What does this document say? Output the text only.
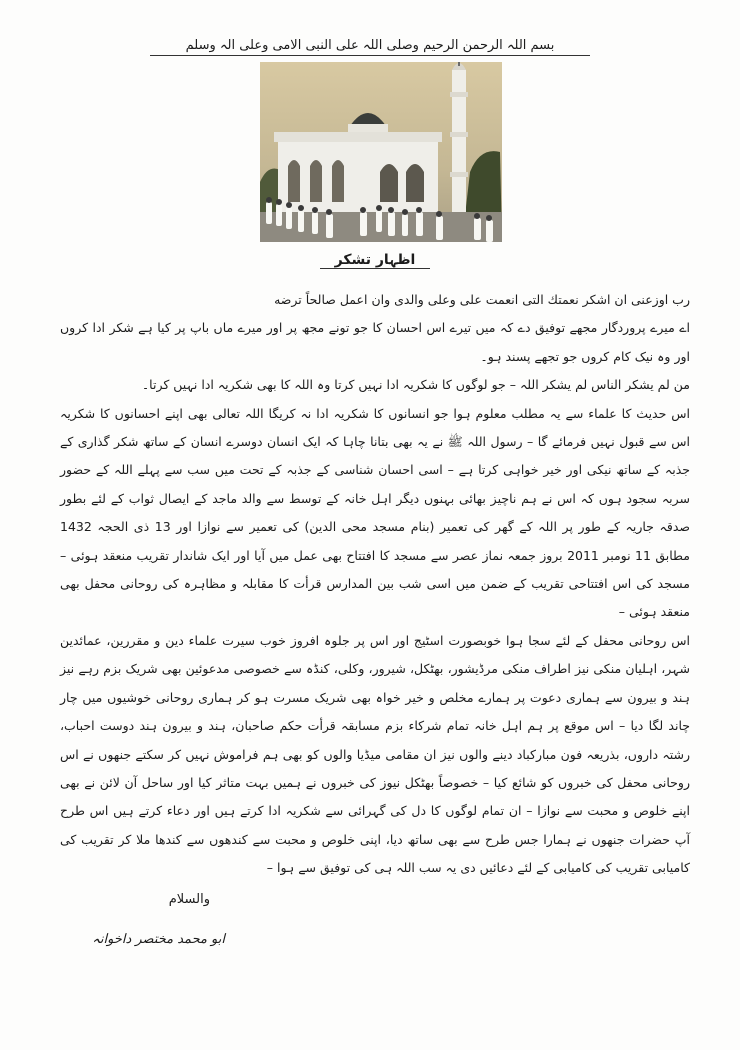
بسم اللہ الرحمن الرحیم وصلی اللہ علی النبی الامی وعلی الہ وسلم
اظہار تشکر

رب اوزعنی ان اشکر نعمتك التی انعمت علی وعلی والدی وان اعمل صالحاً ترضه

اے میرے پروردگار مجھے توفیق دے کہ میں تیرے اس احسان کا جو تونے مجھ پر اور میرے ماں باپ پر کیا ہے شکر ادا کروں اور وہ نیک کام کروں جو تجھے پسند ہو۔

من لم یشکر الناس لم یشکر اللہ – جو لوگوں کا شکریہ ادا نہیں کرتا وہ اللہ کا بھی شکریہ ادا نہیں کرتا۔

اس حدیث کا علماء سے یہ مطلب معلوم ہوا جو انسانوں کا شکریہ ادا نہ کریگا اللہ تعالی بھی اپنے احسانوں کا شکریہ اس سے قبول نہیں فرمائے گا – رسول اللہ ﷺ نے یہ بھی بتانا چاہا کہ ایک انسان دوسرے انسان کے ساتھ شکر گذاری کے جذبہ کے ساتھ نیکی اور خیر خواہی کرتا ہے – اسی احسان شناسی کے جذبہ کے تحت میں سب سے پہلے اللہ کے حضور سربہ سجود ہوں کہ اس نے ہم ناچیز بھائی بہنوں دیگر اہل خانہ کے توسط سے والد ماجد کے ایصال ثواب کے لئے بطور صدقہ جاریہ کے طور پر اللہ کے گھر کی تعمیر (بنام مسجد محی الدین) کی تعمیر سے نوازا اور 13 ذی الحجہ 1432 مطابق 11 نومبر 2011 بروز جمعہ نماز عصر سے مسجد کا افتتاح بھی عمل میں آیا اور ایک شاندار تقریب منعقد ہوئی – مسجد کی اس افتتاحی تقریب کے ضمن میں اسی شب بین المدارس قرأت کا مقابلہ و مظاہرہ کی روحانی محفل بھی منعقد ہوئی –

اس روحانی محفل کے لئے سجا ہوا خوبصورت اسٹیج اور اس پر جلوہ افروز خوب سیرت علماء دین و مقررین، عمائدین شہر، اہلیان منکی نیز اطراف منکی مرڈیشور، بھٹکل، شیرور، وکلی، کنڈہ سے خصوصی مدعوئین بھی شریک بزم رہے نیز ہند و بیرون سے ہماری دعوت پر ہمارے مخلص و خیر خواہ بھی شریک مسرت ہو کر ہماری روحانی خوشیوں میں چار چاند لگا دیا – اس موقع پر ہم اہل خانہ تمام شرکاء بزم مسابقہ قرأت حکم صاحبان، ہند و بیرون ہند دوست احباب، رشتہ داروں، بذریعہ فون مبارکباد دینے والوں نیز ان مقامی میڈیا والوں کو بھی ہم فراموش نہیں کر سکتے جنھوں نے اس روحانی محفل کی خبروں کو شائع کیا – خصوصاً بھٹکل نیوز کی خبروں نے ہمیں بہت متاثر کیا اور ساحل آن لائن نے بھی اپنے خلوص و محبت سے نوازا – ان تمام لوگوں کا دل کی گہرائی سے شکریہ ادا کرتے ہیں اور دعاء کرتے ہیں اس طرح آپ حضرات جنھوں نے ہمارا جس طرح سے بھی ساتھ دیا، اپنی خلوص و محبت سے کندھوں سے کندھا ملا کر تقریب کی کامیابی تقریب کی کامیابی کے لئے دعائیں دی یہ سب اللہ ہی کی توفیق سے ہوا –

والسلام
ابو محمد مختصر داخوانہ
